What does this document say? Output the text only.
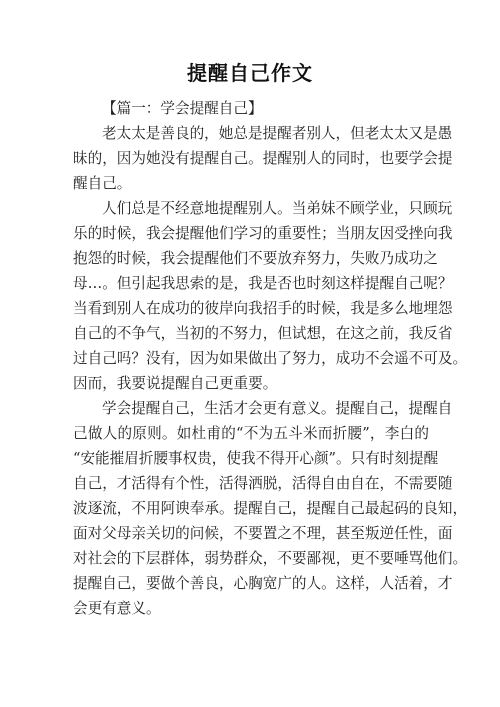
提醒自己作文
【篇一：学会提醒自己】
老太太是善良的，她总是提醒者别人，但老太太又是愚
昧的，因为她没有提醒自己。提醒别人的同时，也要学会提
醒自己。
人们总是不经意地提醒别人。当弟妹不顾学业，只顾玩
乐的时候，我会提醒他们学习的重要性；当朋友因受挫向我
抱怨的时候，我会提醒他们不要放弃努力，失败乃成功之
母…。但引起我思索的是，我是否也时刻这样提醒自己呢？
当看到别人在成功的彼岸向我招手的时候，我是多么地埋怨
自己的不争气，当初的不努力，但试想，在这之前，我反省
过自己吗？没有，因为如果做出了努力，成功不会遥不可及。
因而，我要说提醒自己更重要。
学会提醒自己，生活才会更有意义。提醒自己，提醒自
己做人的原则。如杜甫的“不为五斗米而折腰”，李白的
“安能摧眉折腰事权贵，使我不得开心颜”。只有时刻提醒
自己，才活得有个性，活得洒脱，活得自由自在，不需要随
波逐流，不用阿谀奉承。提醒自己，提醒自己最起码的良知，
面对父母亲关切的问候，不要置之不理，甚至叛逆任性，面
对社会的下层群体，弱势群众，不要鄙视，更不要唾骂他们。
提醒自己，要做个善良，心胸宽广的人。这样，人活着，才
会更有意义。
